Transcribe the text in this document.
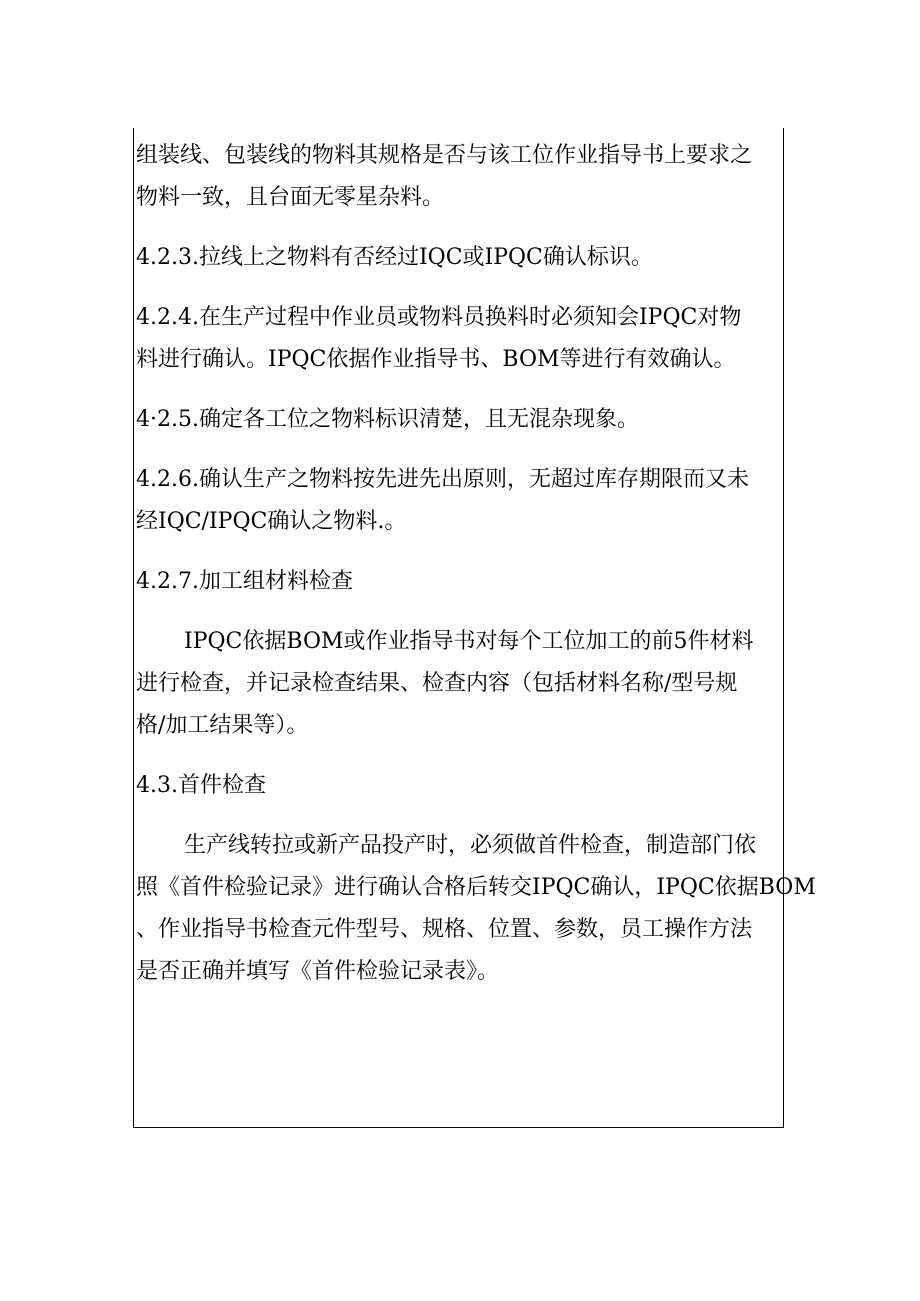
组装线、包装线的物料其规格是否与该工位作业指导书上要求之
物料一致，且台面无零星杂料。
4.2.3.拉线上之物料有否经过IQC或IPQC确认标识。
4.2.4.在生产过程中作业员或物料员换料时必须知会IPQC对物
料进行确认。IPQC依据作业指导书、BOM等进行有效确认。
4·2.5.确定各工位之物料标识清楚，且无混杂现象。
4.2.6.确认生产之物料按先进先出原则，无超过库存期限而又未
经IQC/IPQC确认之物料.。
4.2.7.加工组材料检查
IPQC依据BOM或作业指导书对每个工位加工的前5件材料
进行检查，并记录检查结果、检查内容（包括材料名称/型号规
格/加工结果等）。
4.3.首件检查
生产线转拉或新产品投产时，必须做首件检查，制造部门依
照《首件检验记录》进行确认合格后转交IPQC确认，IPQC依据BOM
、作业指导书检查元件型号、规格、位置、参数，员工操作方法
是否正确并填写《首件检验记录表》。
